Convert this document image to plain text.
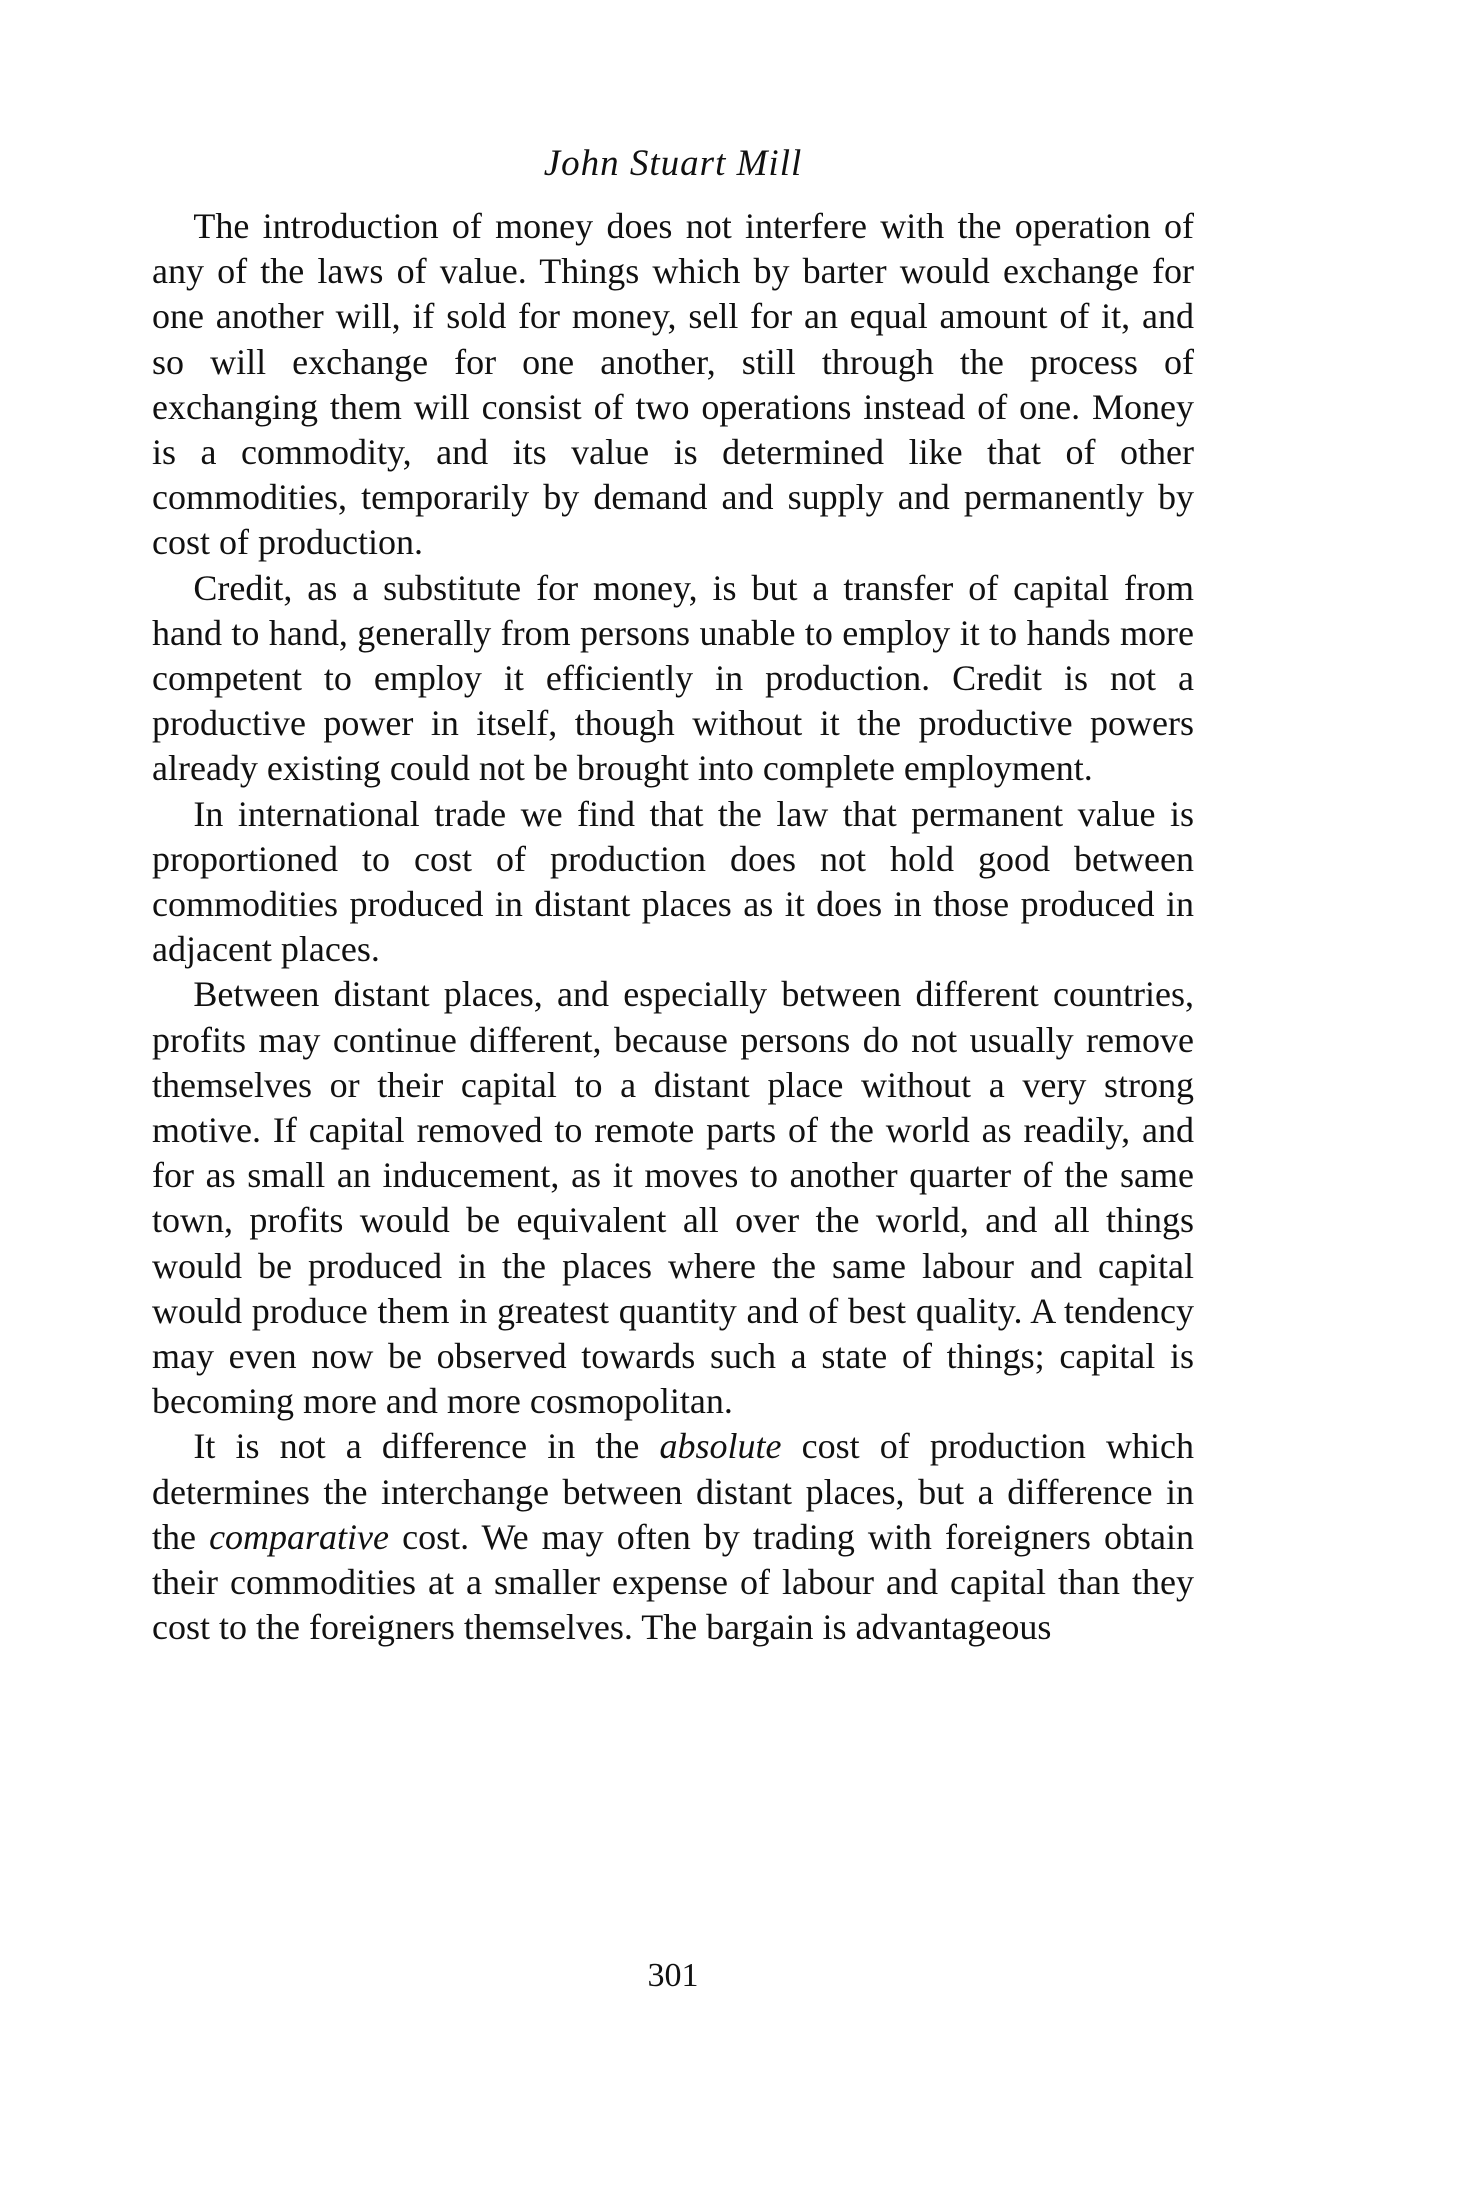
John Stuart Mill

The introduction of money does not interfere with the operation of any of the laws of value. Things which by barter would exchange for one another will, if sold for money, sell for an equal amount of it, and so will exchange for one another, still through the process of exchanging them will consist of two operations instead of one. Money is a commodity, and its value is determined like that of other commodities, temporarily by demand and supply and permanently by cost of production.

Credit, as a substitute for money, is but a transfer of capital from hand to hand, generally from persons unable to employ it to hands more competent to employ it efficiently in production. Credit is not a productive power in itself, though without it the productive powers already existing could not be brought into complete employment.

In international trade we find that the law that permanent value is proportioned to cost of production does not hold good between commodities produced in distant places as it does in those produced in adjacent places.

Between distant places, and especially between different countries, profits may continue different, because persons do not usually remove themselves or their capital to a distant place without a very strong motive. If capital removed to remote parts of the world as readily, and for as small an inducement, as it moves to another quarter of the same town, profits would be equivalent all over the world, and all things would be produced in the places where the same labour and capital would produce them in greatest quantity and of best quality. A tendency may even now be observed towards such a state of things; capital is becoming more and more cosmopolitan.

It is not a difference in the absolute cost of production which determines the interchange between distant places, but a difference in the comparative cost. We may often by trading with foreigners obtain their commodities at a smaller expense of labour and capital than they cost to the foreigners themselves. The bargain is advantageous

301
